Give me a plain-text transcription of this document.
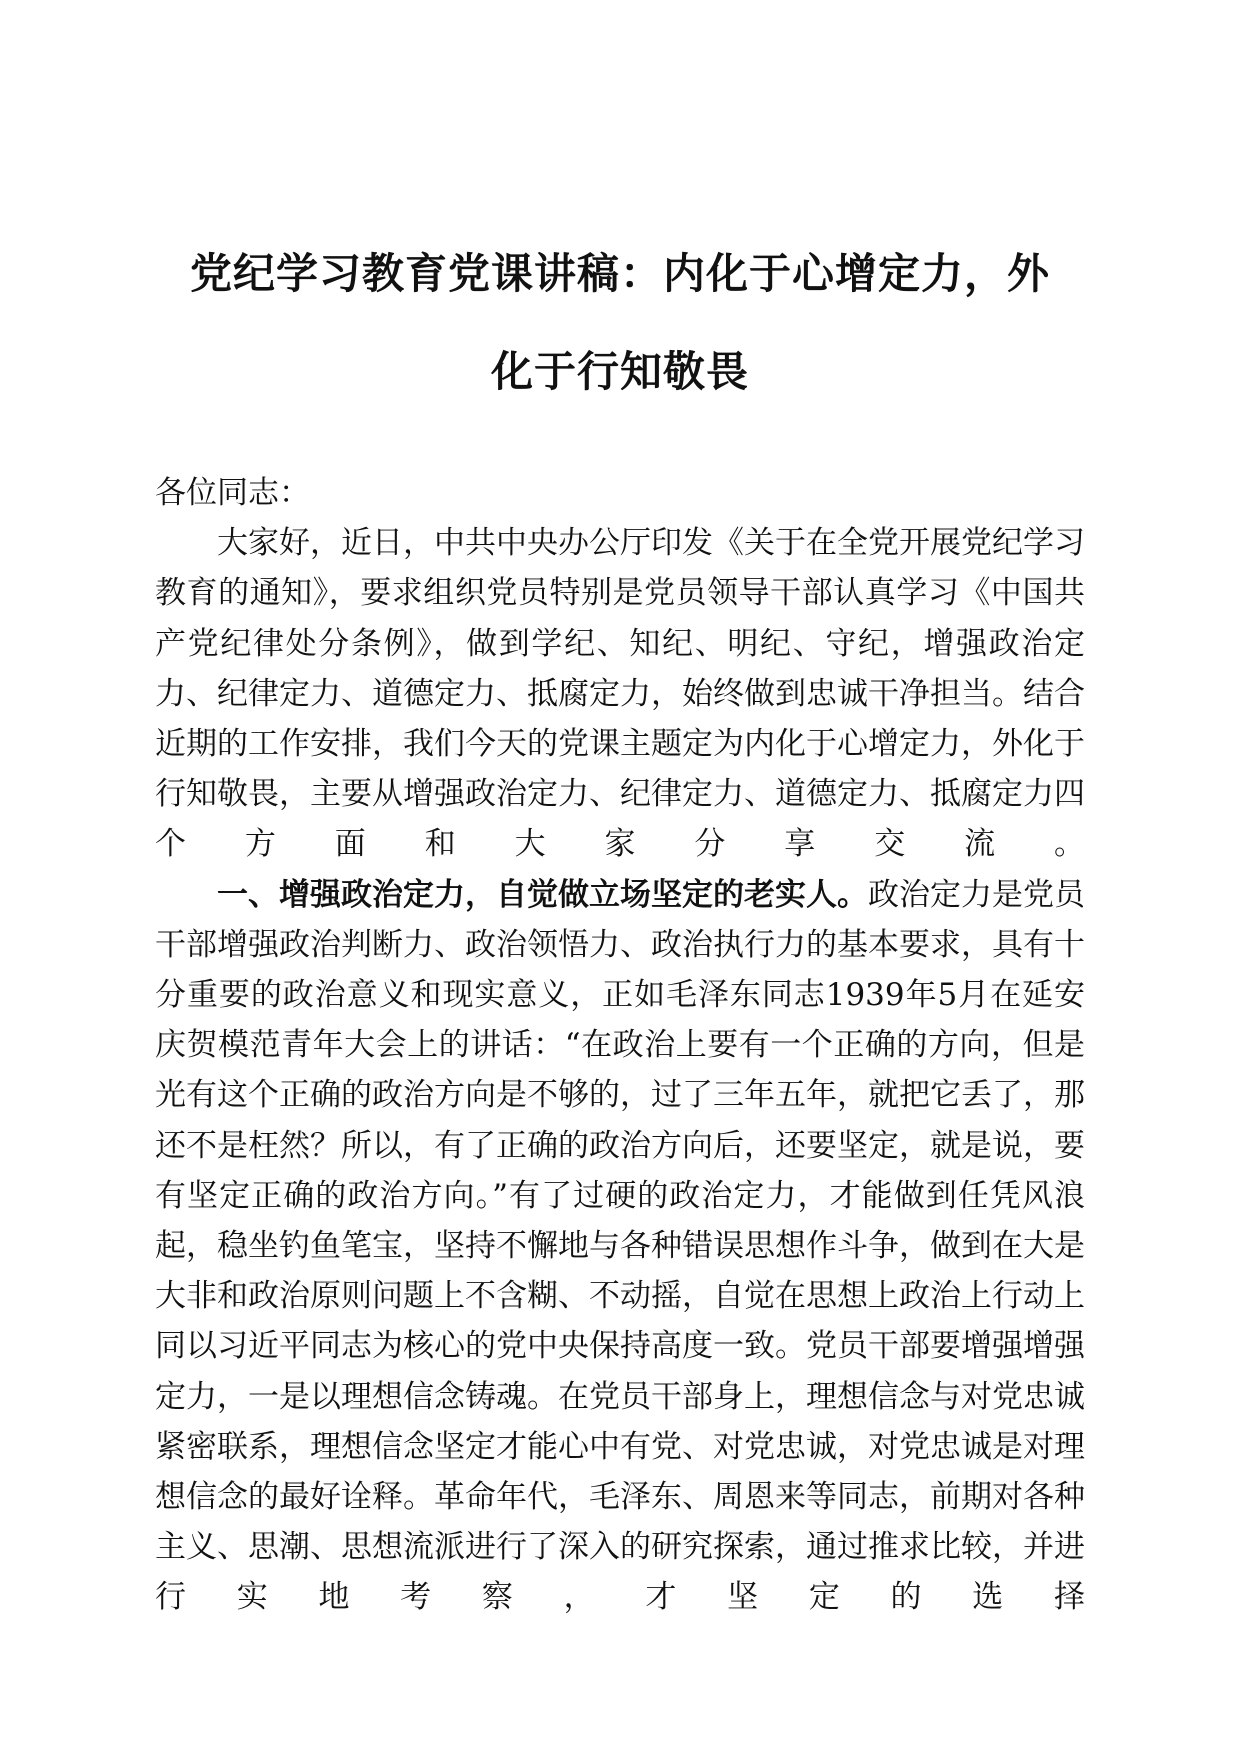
党纪学习教育党课讲稿：内化于心增定力，外
化于行知敬畏

各位同志：

大家好，近日，中共中央办公厅印发《关于在全党开展党纪学习教育的通知》，要求组织党员特别是党员领导干部认真学习《中国共产党纪律处分条例》，做到学纪、知纪、明纪、守纪，增强政治定力、纪律定力、道德定力、抵腐定力，始终做到忠诚干净担当。结合近期的工作安排，我们今天的党课主题定为内化于心增定力，外化于行知敬畏，主要从增强政治定力、纪律定力、道德定力、抵腐定力四个方面和大家分享交流。

一、增强政治定力，自觉做立场坚定的老实人。政治定力是党员干部增强政治判断力、政治领悟力、政治执行力的基本要求，具有十分重要的政治意义和现实意义，正如毛泽东同志1939年5月在延安庆贺模范青年大会上的讲话：“在政治上要有一个正确的方向，但是光有这个正确的政治方向是不够的，过了三年五年，就把它丢了，那还不是枉然？所以，有了正确的政治方向后，还要坚定，就是说，要有坚定正确的政治方向。”有了过硬的政治定力，才能做到任凭风浪起，稳坐钓鱼笔宝，坚持不懈地与各种错误思想作斗争，做到在大是大非和政治原则问题上不含糊、不动摇，自觉在思想上政治上行动上同以习近平同志为核心的党中央保持高度一致。党员干部要增强增强定力，一是以理想信念铸魂。在党员干部身上，理想信念与对党忠诚紧密联系，理想信念坚定才能心中有党、对党忠诚，对党忠诚是对理想信念的最好诠释。革命年代，毛泽东、周恩来等同志，前期对各种主义、思潮、思想流派进行了深入的研究探索，通过推求比较，并进行实地考察，才坚定的选择
